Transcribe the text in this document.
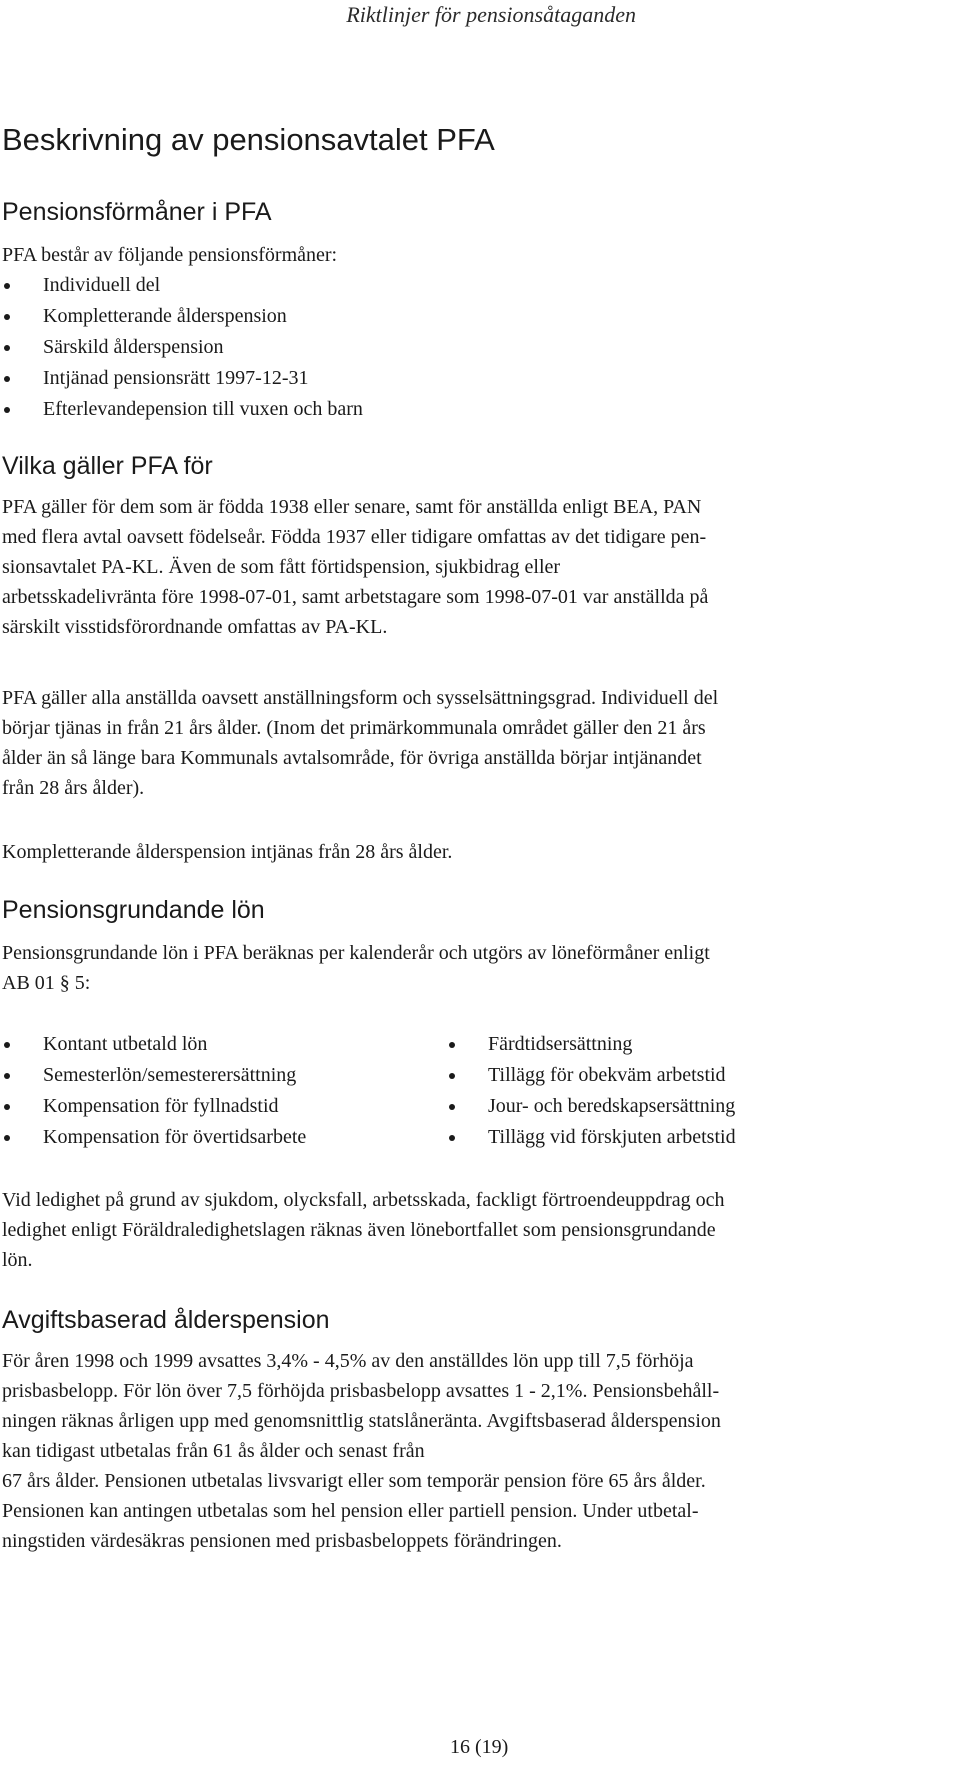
Riktlinjer för pensionsåtaganden
Beskrivning av pensionsavtalet PFA
Pensionsförmåner i PFA

PFA består av följande pensionsförmåner:

Individuell del
Kompletterande ålderspension
Särskild ålderspension
Intjänad pensionsrätt 1997-12-31
Efterlevandepension till vuxen och barn
Vilka gäller PFA för

PFA gäller för dem som är födda 1938 eller senare, samt för anställda enligt BEA, PAN

med flera avtal oavsett födelseår. Födda 1937 eller tidigare omfattas av det tidigare pen-

sionsavtalet PA-KL. Även de som fått förtidspension, sjukbidrag eller

arbetsskadelivränta före 1998-07-01, samt arbetstagare som 1998-07-01 var anställda på

särskilt visstidsförordnande omfattas av PA-KL.

PFA gäller alla anställda oavsett anställningsform och sysselsättningsgrad. Individuell del

börjar tjänas in från 21 års ålder. (Inom det primärkommunala området gäller den 21 års

ålder än så länge bara Kommunals avtalsområde, för övriga anställda börjar intjänandet

från 28 års ålder).

Kompletterande ålderspension intjänas från 28 års ålder.

Pensionsgrundande lön

Pensionsgrundande lön i PFA beräknas per kalenderår och utgörs av löneförmåner enligt

AB 01 § 5:

Kontant utbetald lön
Semesterlön/semesterersättning
Kompensation för fyllnadstid
Kompensation för övertidsarbete
Färdtidsersättning
Tillägg för obekväm arbetstid
Jour- och beredskapsersättning
Tillägg vid förskjuten arbetstid

Vid ledighet på grund av sjukdom, olycksfall, arbetsskada, fackligt förtroendeuppdrag och

ledighet enligt Föräldraledighetslagen räknas även lönebortfallet som pensionsgrundande

lön.

Avgiftsbaserad ålderspension

För åren 1998 och 1999 avsattes 3,4% - 4,5% av den anställdes lön upp till 7,5 förhöja

prisbasbelopp. För lön över 7,5 förhöjda prisbasbelopp avsattes 1 - 2,1%. Pensionsbehåll-

ningen räknas årligen upp med genomsnittlig statslåneränta. Avgiftsbaserad ålderspension

kan tidigast utbetalas från 61 ås ålder och senast från

67 års ålder. Pensionen utbetalas livsvarigt eller som temporär pension före 65 års ålder.

Pensionen kan antingen utbetalas som hel pension eller partiell pension. Under utbetal-

ningstiden värdesäkras pensionen med prisbasbeloppets förändringen.

16 (19)
